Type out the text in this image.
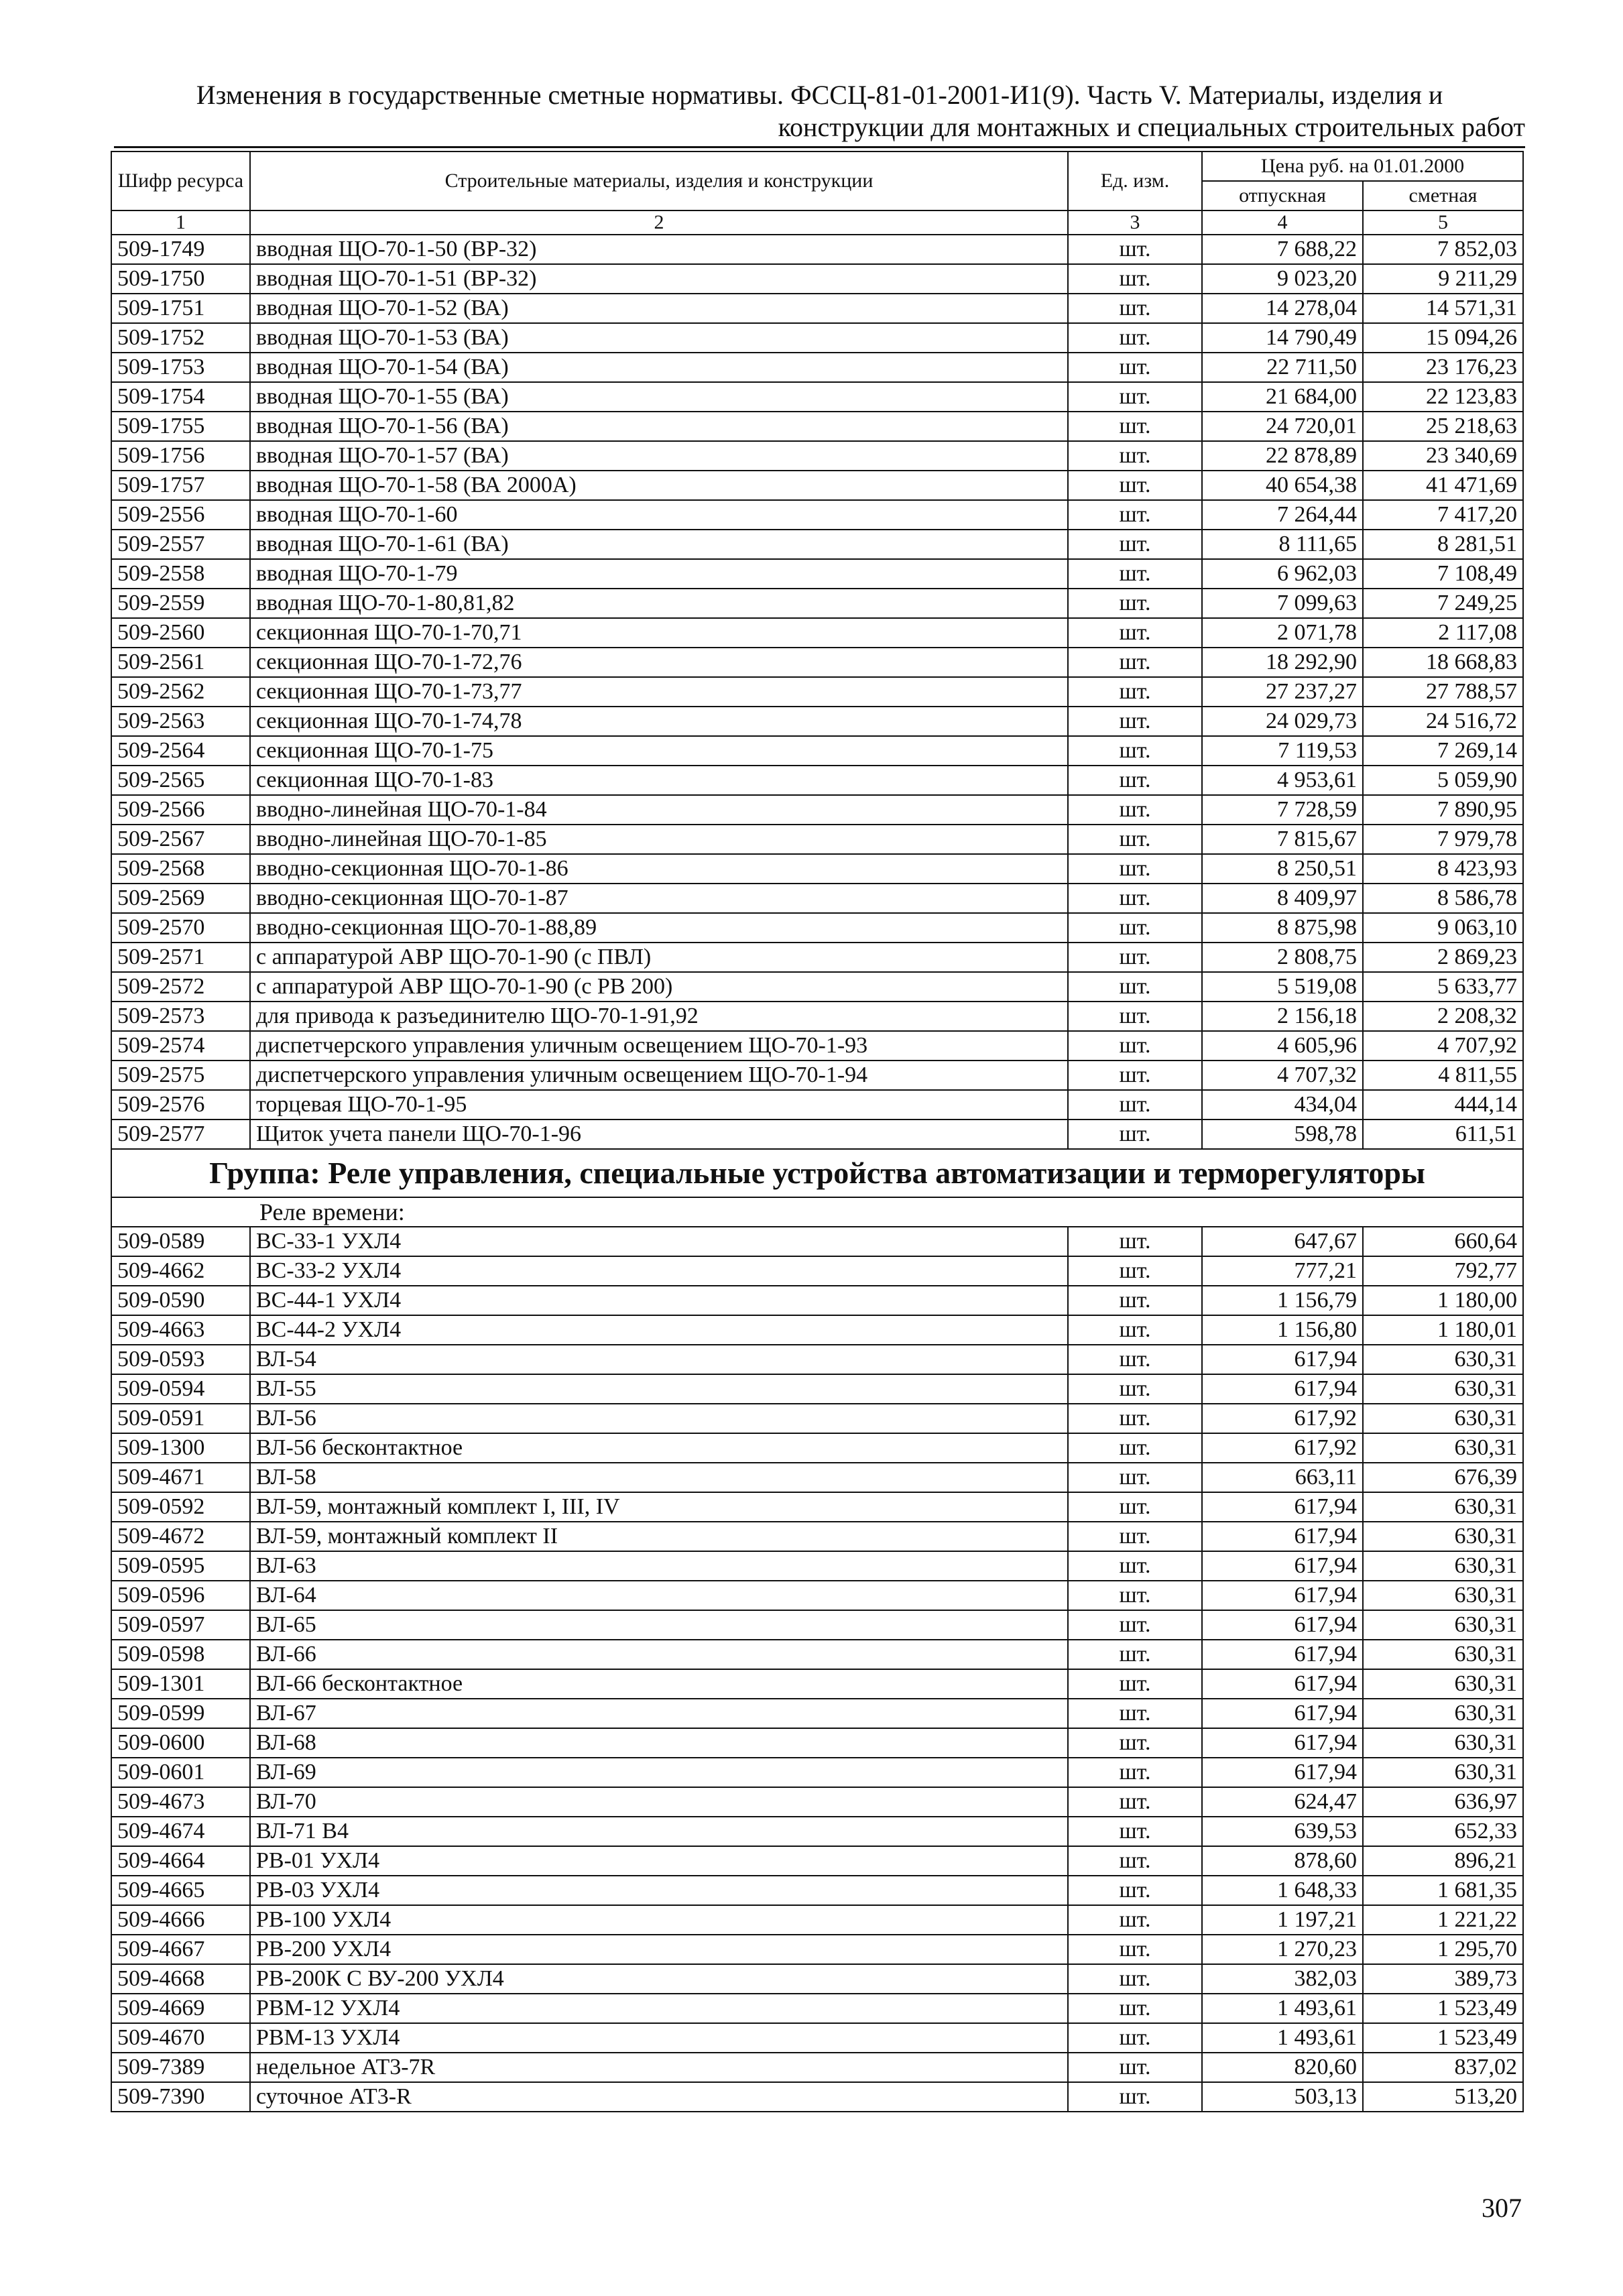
Изменения в государственные сметные нормативы. ФССЦ-81-01-2001-И1(9). Часть V. Материалы, изделия и
конструкции для монтажных и специальных строительных работ
Шифр ресурса	Строительные материалы, изделия и конструкции	Ед. изм.	Цена руб. на 01.01.2000	
			отпускная	сметная
1	2	3	4	5
509-1749	вводная ЩО-70-1-50 (ВР-32)	шт.	7 688,22	7 852,03
509-1750	вводная ЩО-70-1-51 (ВР-32)	шт.	9 023,20	9 211,29
509-1751	вводная ЩО-70-1-52 (ВА)	шт.	14 278,04	14 571,31
509-1752	вводная ЩО-70-1-53 (ВА)	шт.	14 790,49	15 094,26
509-1753	вводная ЩО-70-1-54 (ВА)	шт.	22 711,50	23 176,23
509-1754	вводная ЩО-70-1-55 (ВА)	шт.	21 684,00	22 123,83
509-1755	вводная ЩО-70-1-56 (ВА)	шт.	24 720,01	25 218,63
509-1756	вводная ЩО-70-1-57 (ВА)	шт.	22 878,89	23 340,69
509-1757	вводная ЩО-70-1-58 (ВА 2000А)	шт.	40 654,38	41 471,69
509-2556	вводная ЩО-70-1-60	шт.	7 264,44	7 417,20
509-2557	вводная ЩО-70-1-61 (ВА)	шт.	8 111,65	8 281,51
509-2558	вводная ЩО-70-1-79	шт.	6 962,03	7 108,49
509-2559	вводная ЩО-70-1-80,81,82	шт.	7 099,63	7 249,25
509-2560	секционная ЩО-70-1-70,71	шт.	2 071,78	2 117,08
509-2561	секционная ЩО-70-1-72,76	шт.	18 292,90	18 668,83
509-2562	секционная ЩО-70-1-73,77	шт.	27 237,27	27 788,57
509-2563	секционная ЩО-70-1-74,78	шт.	24 029,73	24 516,72
509-2564	секционная ЩО-70-1-75	шт.	7 119,53	7 269,14
509-2565	секционная ЩО-70-1-83	шт.	4 953,61	5 059,90
509-2566	вводно-линейная ЩО-70-1-84	шт.	7 728,59	7 890,95
509-2567	вводно-линейная ЩО-70-1-85	шт.	7 815,67	7 979,78
509-2568	вводно-секционная ЩО-70-1-86	шт.	8 250,51	8 423,93
509-2569	вводно-секционная ЩО-70-1-87	шт.	8 409,97	8 586,78
509-2570	вводно-секционная ЩО-70-1-88,89	шт.	8 875,98	9 063,10
509-2571	с аппаратурой АВР ЩО-70-1-90 (с ПВЛ)	шт.	2 808,75	2 869,23
509-2572	с аппаратурой АВР ЩО-70-1-90 (с РВ 200)	шт.	5 519,08	5 633,77
509-2573	для привода к разъединителю ЩО-70-1-91,92	шт.	2 156,18	2 208,32
509-2574	диспетчерского управления уличным освещением ЩО-70-1-93	шт.	4 605,96	4 707,92
509-2575	диспетчерского управления уличным освещением ЩО-70-1-94	шт.	4 707,32	4 811,55
509-2576	торцевая ЩО-70-1-95	шт.	434,04	444,14
509-2577	Щиток учета панели ЩО-70-1-96	шт.	598,78	611,51
Группа: Реле управления, специальные устройства автоматизации и терморегуляторы				
Реле времени:				
509-0589	ВС-33-1 УХЛ4	шт.	647,67	660,64
509-4662	ВС-33-2 УХЛ4	шт.	777,21	792,77
509-0590	ВС-44-1 УХЛ4	шт.	1 156,79	1 180,00
509-4663	ВС-44-2 УХЛ4	шт.	1 156,80	1 180,01
509-0593	ВЛ-54	шт.	617,94	630,31
509-0594	ВЛ-55	шт.	617,94	630,31
509-0591	ВЛ-56	шт.	617,92	630,31
509-1300	ВЛ-56 бесконтактное	шт.	617,92	630,31
509-4671	ВЛ-58	шт.	663,11	676,39
509-0592	ВЛ-59, монтажный комплект I, III, IV	шт.	617,94	630,31
509-4672	ВЛ-59, монтажный комплект II	шт.	617,94	630,31
509-0595	ВЛ-63	шт.	617,94	630,31
509-0596	ВЛ-64	шт.	617,94	630,31
509-0597	ВЛ-65	шт.	617,94	630,31
509-0598	ВЛ-66	шт.	617,94	630,31
509-1301	ВЛ-66 бесконтактное	шт.	617,94	630,31
509-0599	ВЛ-67	шт.	617,94	630,31
509-0600	ВЛ-68	шт.	617,94	630,31
509-0601	ВЛ-69	шт.	617,94	630,31
509-4673	ВЛ-70	шт.	624,47	636,97
509-4674	ВЛ-71 В4	шт.	639,53	652,33
509-4664	РВ-01 УХЛ4	шт.	878,60	896,21
509-4665	РВ-03 УХЛ4	шт.	1 648,33	1 681,35
509-4666	РВ-100 УХЛ4	шт.	1 197,21	1 221,22
509-4667	РВ-200 УХЛ4	шт.	1 270,23	1 295,70
509-4668	РВ-200К С ВУ-200 УХЛ4	шт.	382,03	389,73
509-4669	РВМ-12 УХЛ4	шт.	1 493,61	1 523,49
509-4670	РВМ-13 УХЛ4	шт.	1 493,61	1 523,49
509-7389	недельное АТ3-7R	шт.	820,60	837,02
509-7390	суточное АТ3-R	шт.	503,13	513,20
307
